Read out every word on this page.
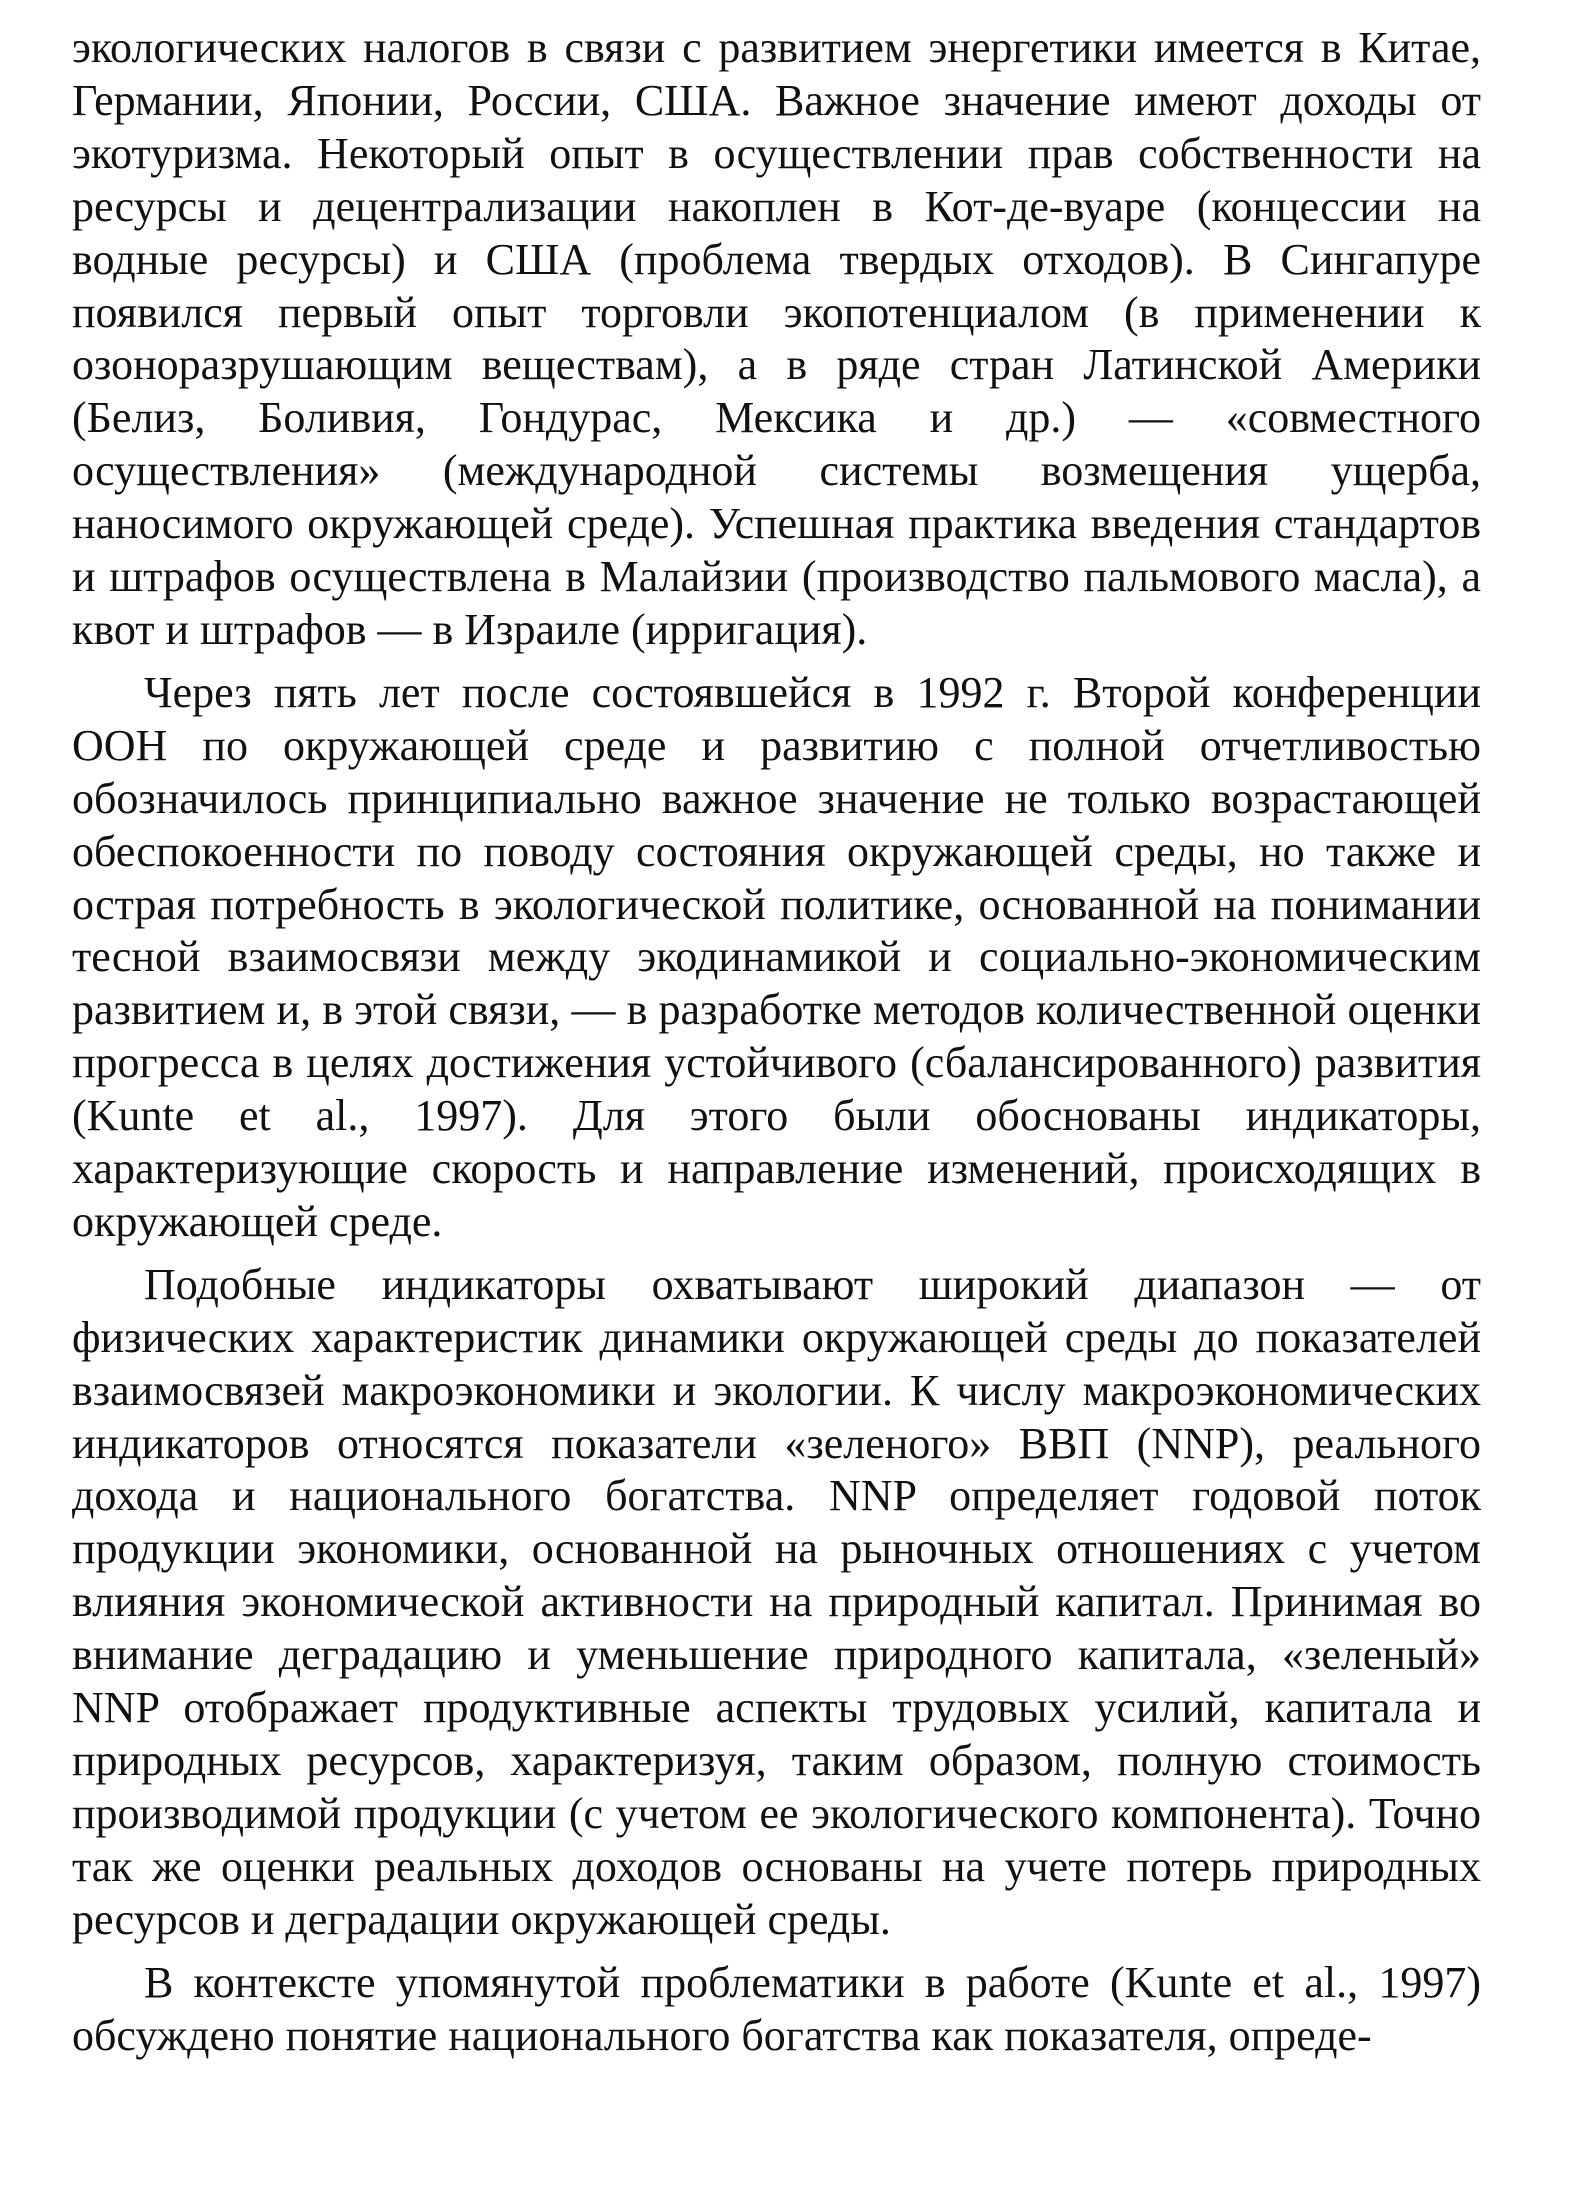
экологических налогов в связи с развитием энергетики имеется в Китае, Германии, Японии, России, США. Важное значение имеют доходы от экотуризма. Некоторый опыт в осуществлении прав собственности на ресурсы и децентрализации накоплен в Кот-де-вуаре (концессии на водные ресурсы) и США (проблема твердых отходов). В Сингапуре появился первый опыт торговли экопотенциалом (в применении к озоноразрушающим веществам), а в ряде стран Латинской Америки (Белиз, Боливия, Гондурас, Мексика и др.) — «совместного осуществления» (международной системы возмещения ущерба, наносимого окружающей среде). Успешная практика введения стандартов и штрафов осуществлена в Малайзии (производство пальмового масла), а квот и штрафов — в Израиле (ирригация).

Через пять лет после состоявшейся в 1992 г. Второй конференции ООН по окружающей среде и развитию с полной отчетливостью обозначилось принципиально важное значение не только возрастающей обеспокоенности по поводу состояния окружающей среды, но также и острая потребность в экологической политике, основанной на понимании тесной взаимосвязи между экодинамикой и социально-экономическим развитием и, в этой связи, — в разработке методов количественной оценки прогресса в целях достижения устойчивого (сбалансированного) развития (Kunte et al., 1997). Для этого были обоснованы индикаторы, характеризующие скорость и направление изменений, происходящих в окружающей среде.

Подобные индикаторы охватывают широкий диапазон — от физических характеристик динамики окружающей среды до показателей взаимосвязей макроэкономики и экологии. К числу макроэкономических индикаторов относятся показатели «зеленого» ВВП (NNP), реального дохода и национального богатства. NNP определяет годовой поток продукции экономики, основанной на рыночных отношениях с учетом влияния экономической активности на природный капитал. Принимая во внимание деградацию и уменьшение природного капитала, «зеленый» NNP отображает продуктивные аспекты трудовых усилий, капитала и природных ресурсов, характеризуя, таким образом, полную стоимость производимой продукции (с учетом ее экологического компонента). Точно так же оценки реальных доходов основаны на учете потерь природных ресурсов и деградации окружающей среды.

В контексте упомянутой проблематики в работе (Kunte et al., 1997) обсуждено понятие национального богатства как показателя, опреде-
